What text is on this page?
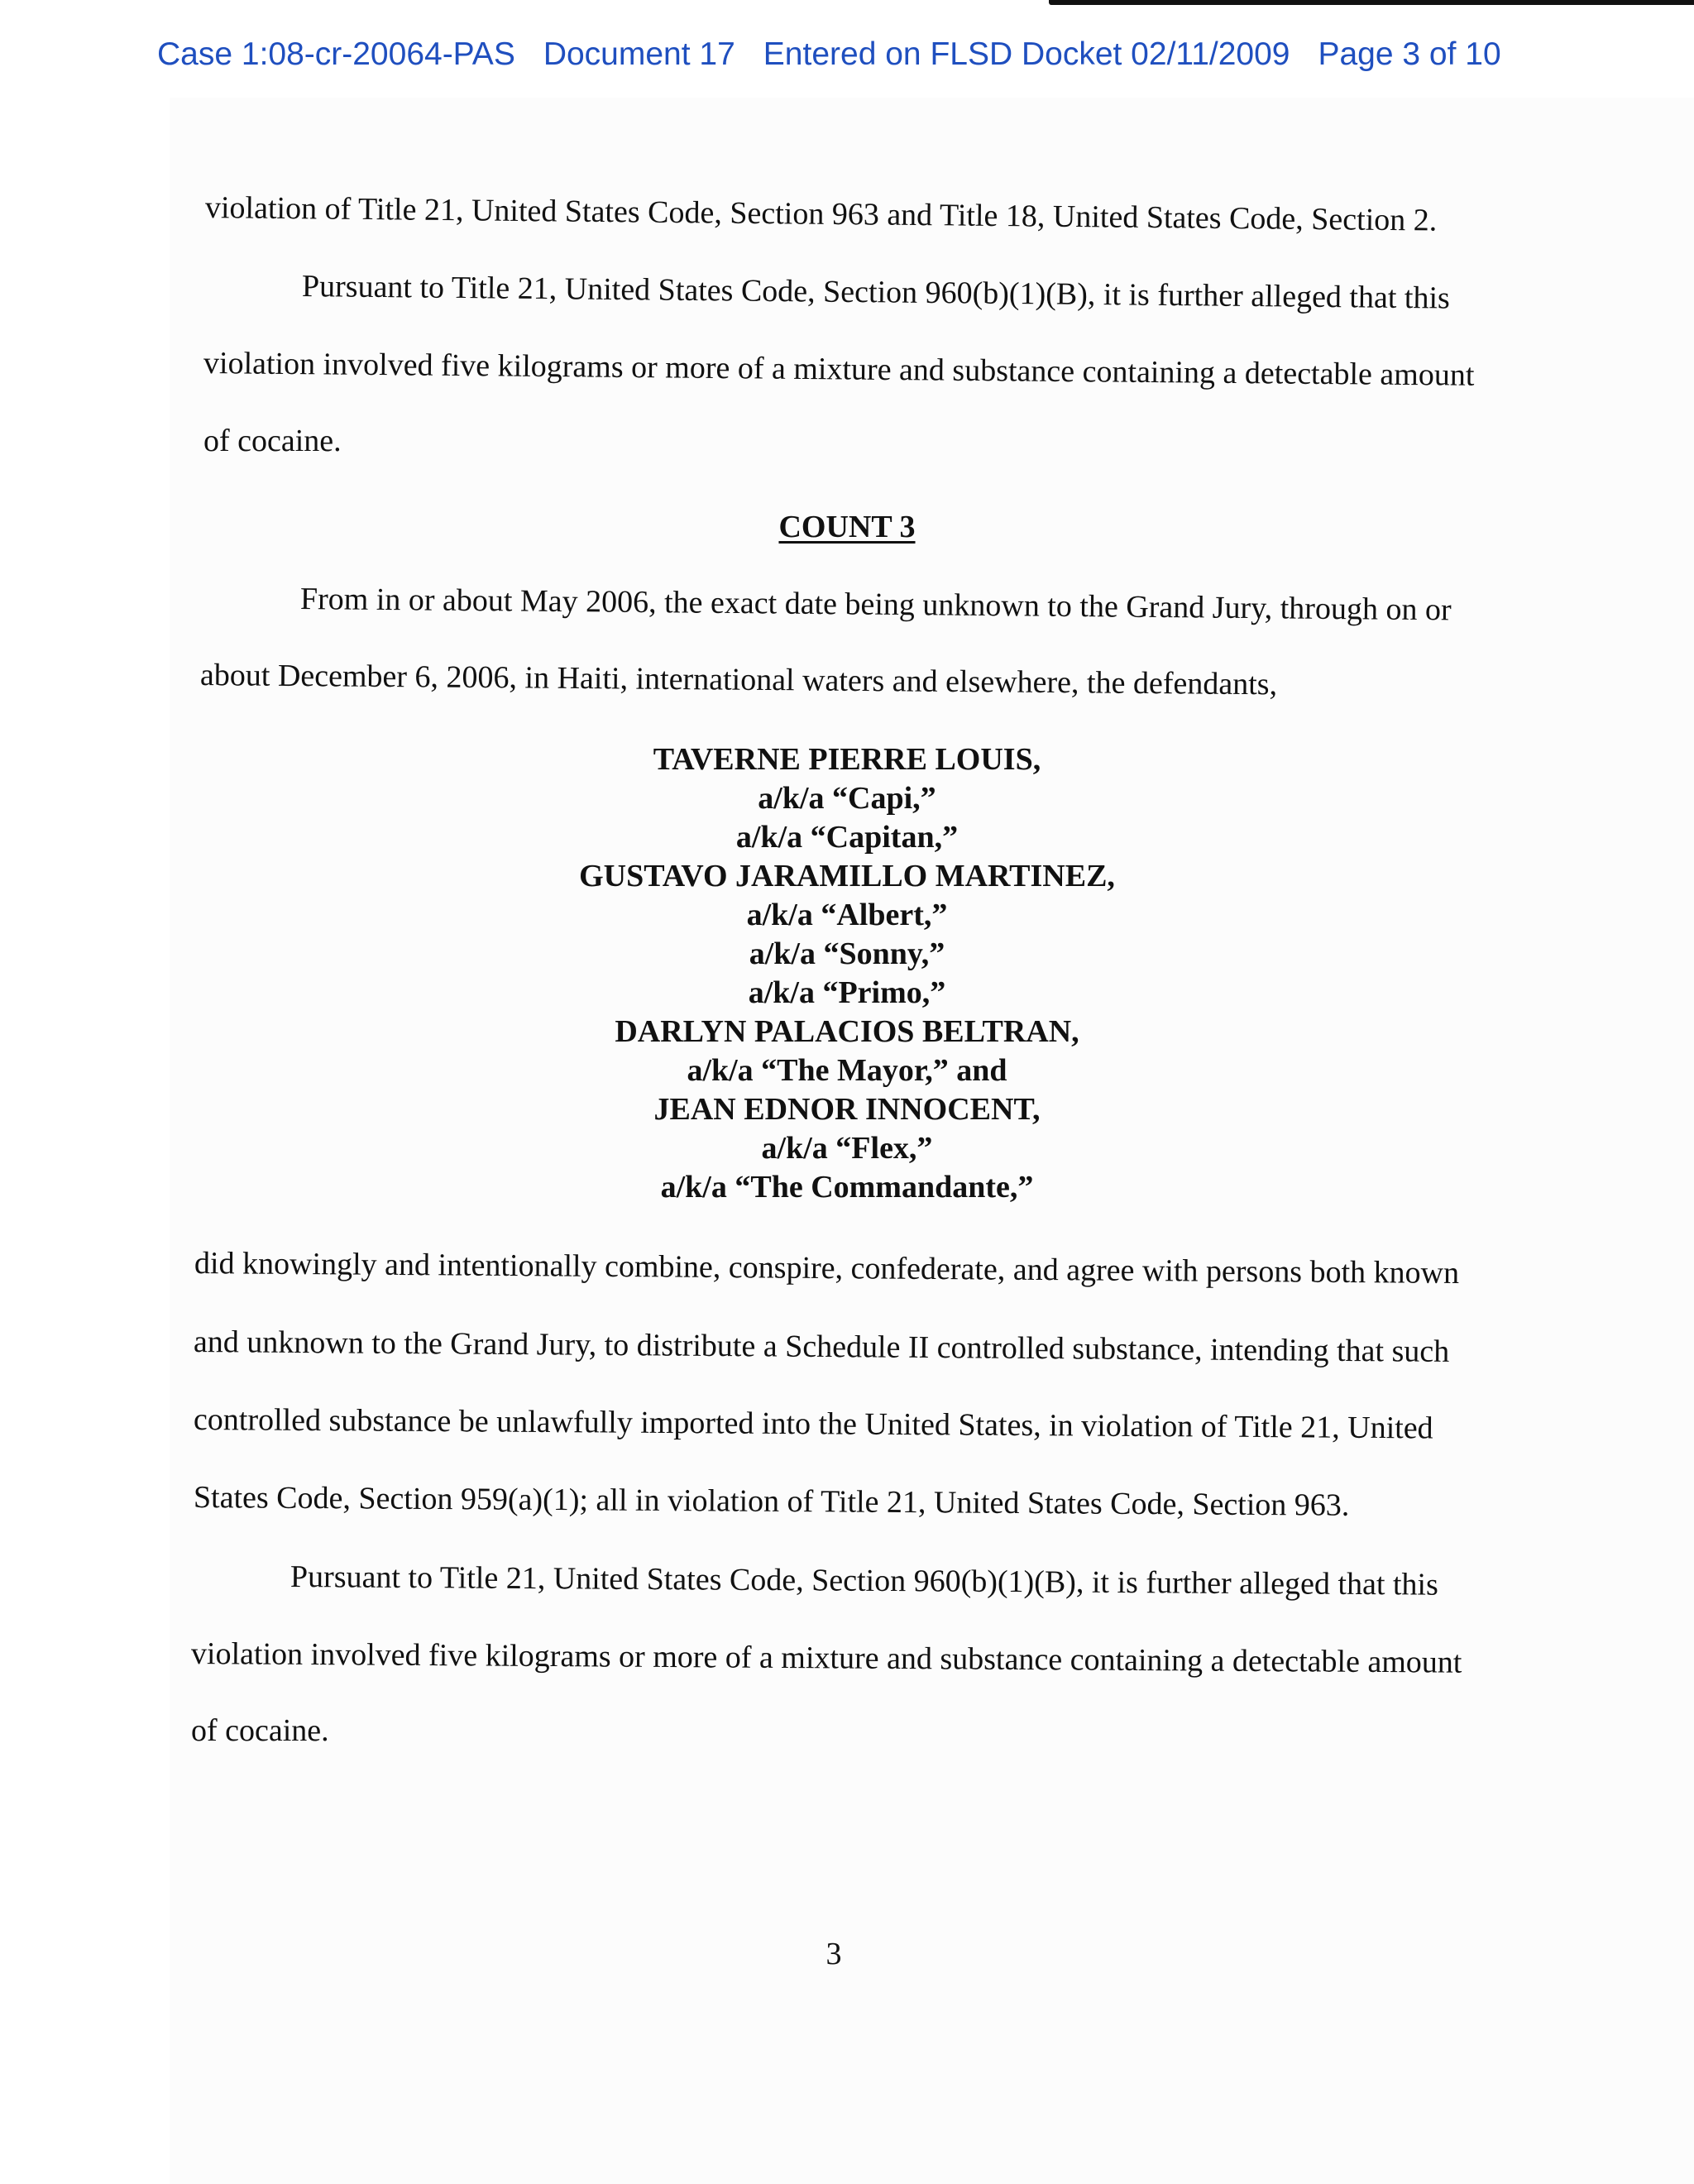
Case 1:08-cr-20064-PAS Document 17 Entered on FLSD Docket 02/11/2009 Page 3 of 10
violation of Title 21, United States Code, Section 963 and Title 18, United States Code, Section 2.
Pursuant to Title 21, United States Code, Section 960(b)(1)(B), it is further alleged that this
violation involved five kilograms or more of a mixture and substance containing a detectable amount
of cocaine.
COUNT 3
From in or about May 2006, the exact date being unknown to the Grand Jury, through on or
about December 6, 2006, in Haiti, international waters and elsewhere, the defendants,
TAVERNE PIERRE LOUIS,
a/k/a “Capi,”
a/k/a “Capitan,”
GUSTAVO JARAMILLO MARTINEZ,
a/k/a “Albert,”
a/k/a “Sonny,”
a/k/a “Primo,”
DARLYN PALACIOS BELTRAN,
a/k/a “The Mayor,” and
JEAN EDNOR INNOCENT,
a/k/a “Flex,”
a/k/a “The Commandante,”
did knowingly and intentionally combine, conspire, confederate, and agree with persons both known
and unknown to the Grand Jury, to distribute a Schedule II controlled substance, intending that such
controlled substance be unlawfully imported into the United States, in violation of Title 21, United
States Code, Section 959(a)(1); all in violation of Title 21, United States Code, Section 963.
Pursuant to Title 21, United States Code, Section 960(b)(1)(B), it is further alleged that this
violation involved five kilograms or more of a mixture and substance containing a detectable amount
of cocaine.
3
